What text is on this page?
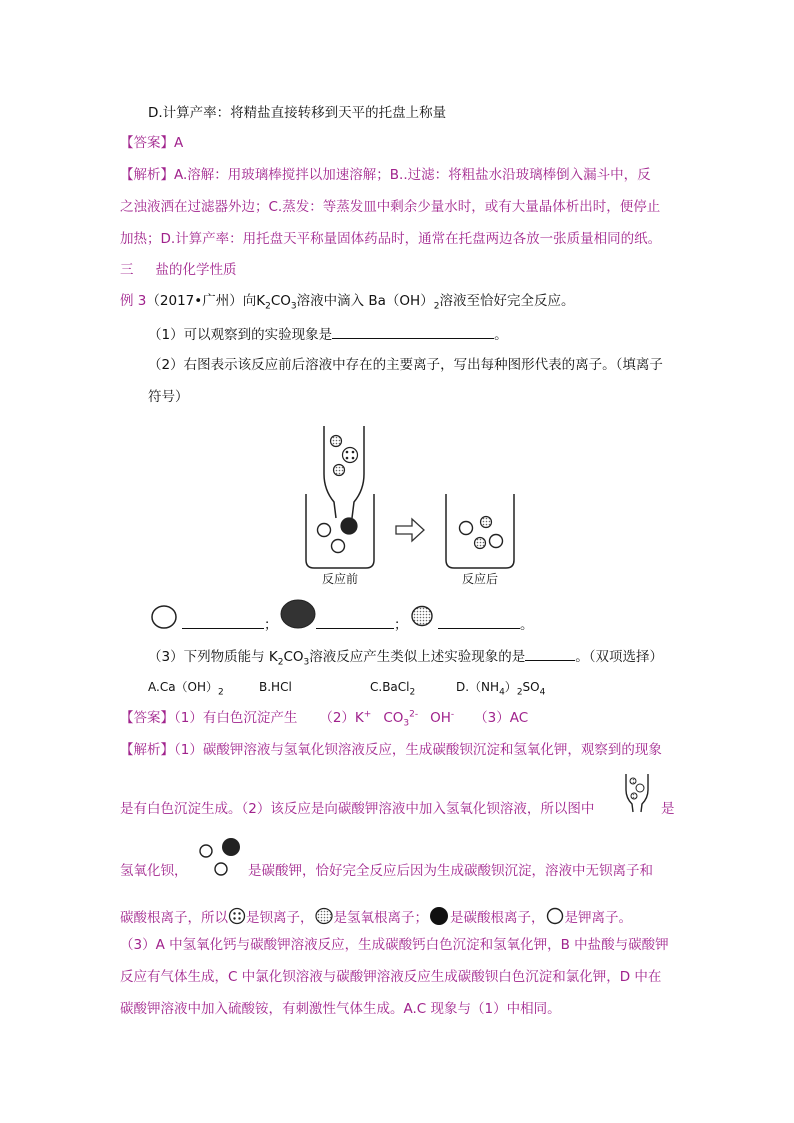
D.计算产率：将精盐直接转移到天平的托盘上称量
【答案】A
【解析】A.溶解：用玻璃棒搅拌以加速溶解；B..过滤：将粗盐水沿玻璃棒倒入漏斗中，反
之浊液洒在过滤器外边；C.蒸发：等蒸发皿中剩余少量水时，或有大量晶体析出时，便停止
加热；D.计算产率：用托盘天平称量固体药品时，通常在托盘两边各放一张质量相同的纸。
三 盐的化学性质
例 3（2017•广州）向$K_2CO_3$溶液中滴入 $Ba(OH)_2$溶液至恰好完全反应。
（1）可以观察到的实验现象是	。
（2）右图表示该反应前后溶液中存在的主要离子，写出每种图形代表的离子。（填离子
符号）
反应前	反应后
；	；	。
（3）下列物质能与 $K_2CO_3$溶液反应产生类似上述实验现象的是	。（双项选择）
$A.Ca(OH)_2$	B.HCl	C.BaCl$_2$	$D.(NH_4)_2SO_4$
【答案】（1）有白色沉淀产生 （2）K+ $CO_3^{2-}$ OH- （3）AC
【解析】（1）碳酸钾溶液与氢氧化钡溶液反应，生成碳酸钡沉淀和氢氧化钾，观察到的现象
是有白色沉淀生成。（2）该反应是向碳酸钾溶液中加入氢氧化钡溶液，所以图中	是
氢氧化钡，	是碳酸钾，恰好完全反应后因为生成碳酸钡沉淀，溶液中无钡离子和
碳酸根离子，所以 是钡离子， 是氢氧根离子； 是碳酸根离子， 是钾离子。
（3）A 中氢氧化钙与碳酸钾溶液反应，生成碳酸钙白色沉淀和氢氧化钾，B 中盐酸与碳酸钾
反应有气体生成，C 中氯化钡溶液与碳酸钾溶液反应生成碳酸钡白色沉淀和氯化钾，D 中在
碳酸钾溶液中加入硫酸铵，有刺激性气体生成。A.C 现象与（1）中相同。
